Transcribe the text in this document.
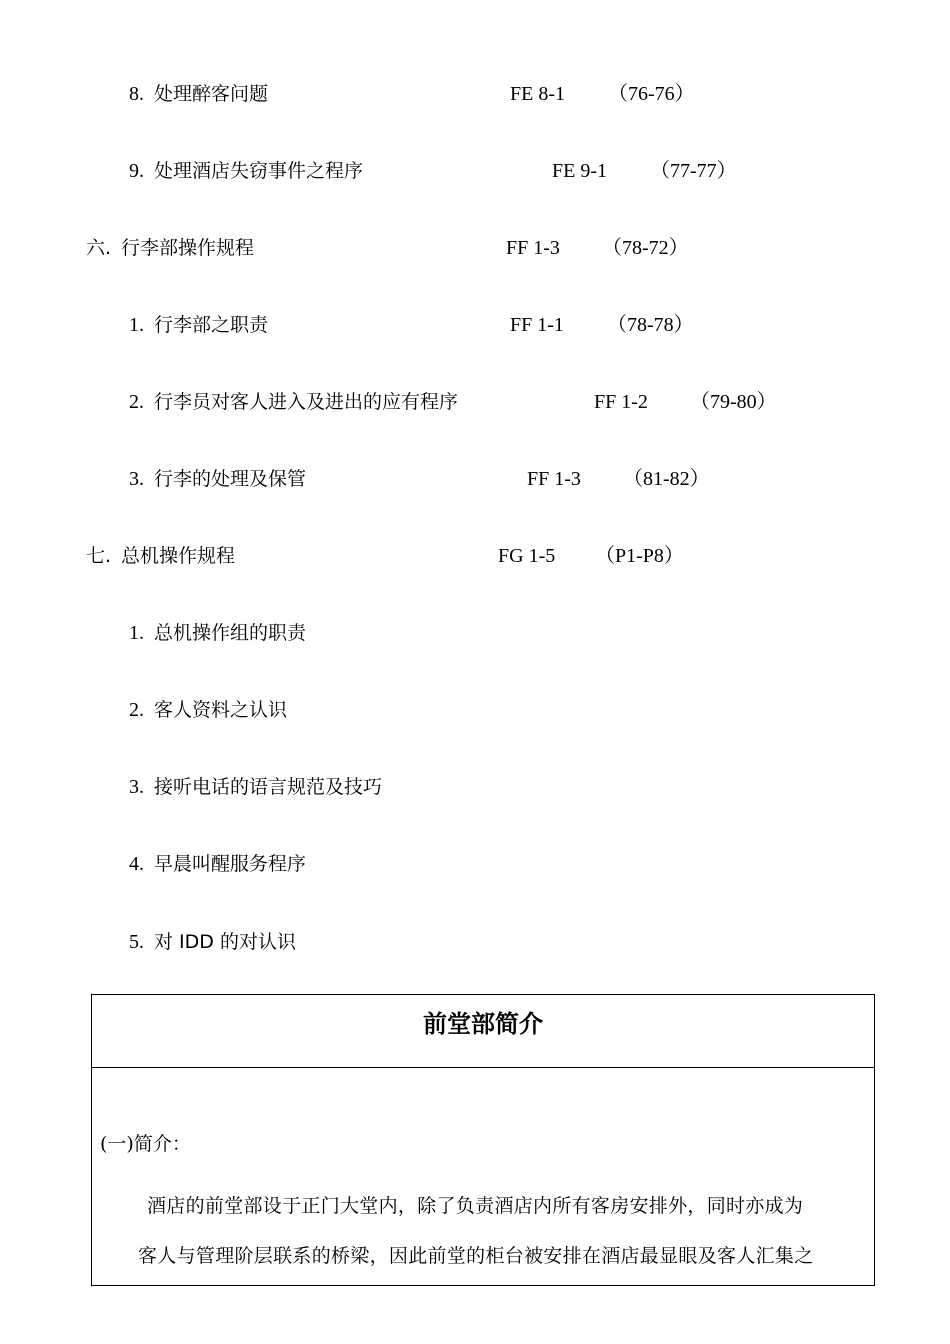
8. 处理醉客问题	FE 8-1 （76-76）
9. 处理酒店失窃事件之程序	FE 9-1 （77-77）
六. 行李部操作规程	FF 1-3 （78-72）
1. 行李部之职责	FF 1-1 （78-78）
2. 行李员对客人进入及进出的应有程序	FF 1-2 （79-80）
3. 行李的处理及保管	FF 1-3 （81-82）
七. 总机操作规程	FG 1-5 （P1-P8）
1. 总机操作组的职责
2. 客人资料之认识
3. 接听电话的语言规范及技巧
4. 早晨叫醒服务程序
5. 对 IDD 的对认识
前堂部简介
(一)简介：
酒店的前堂部设于正门大堂内，除了负责酒店内所有客房安排外，同时亦成为
客人与管理阶层联系的桥梁，因此前堂的柜台被安排在酒店最显眼及客人汇集之
